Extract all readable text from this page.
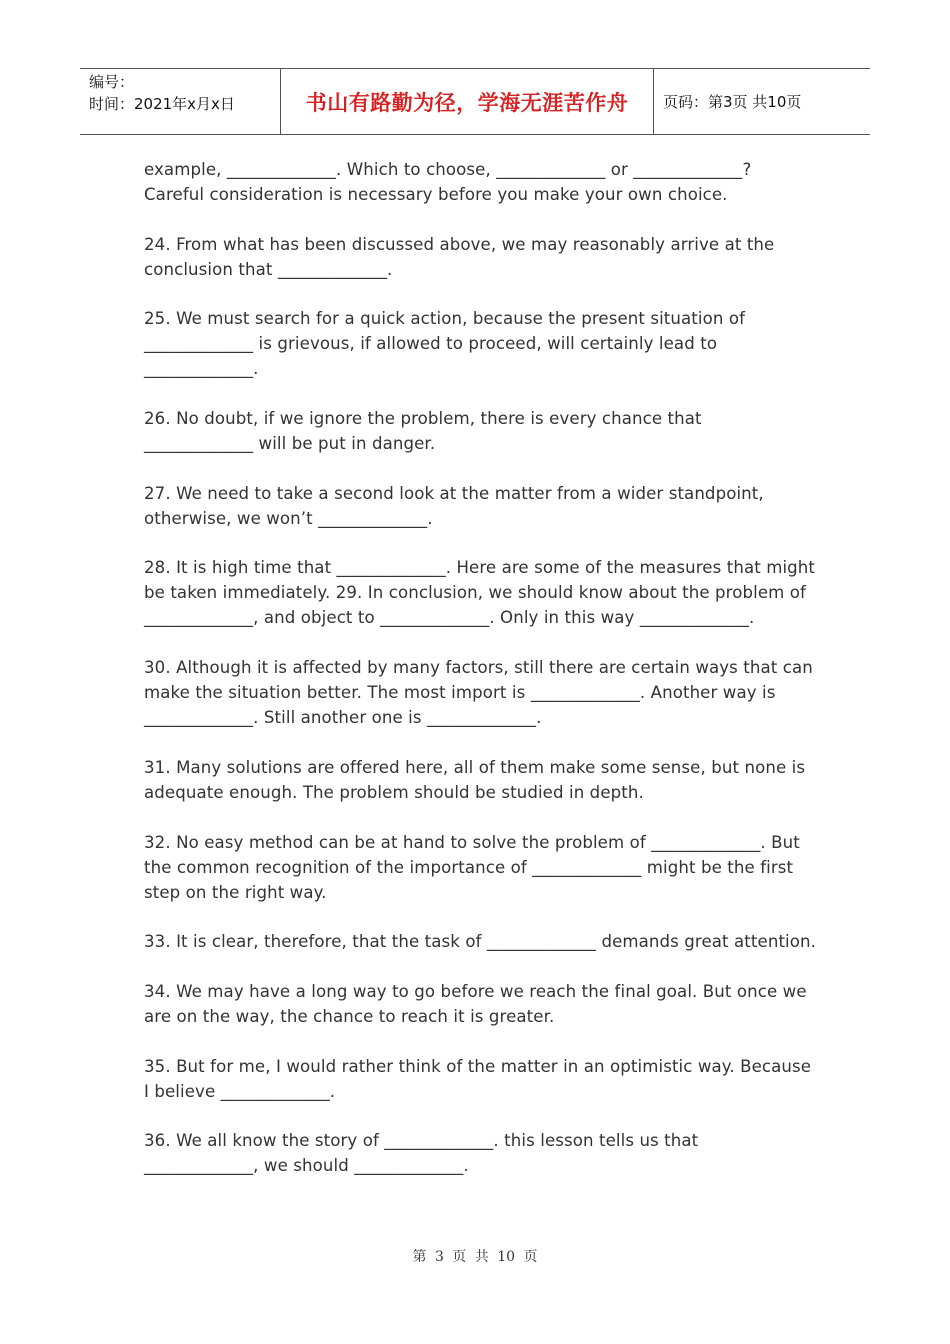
编号：
时间：2021年x月x日	书山有路勤为径，学海无涯苦作舟	页码：第3页 共10页

example, _____________. Which to choose, _____________ or _____________? Careful consideration is necessary before you make your own choice.

24. From what has been discussed above, we may reasonably arrive at the conclusion that _____________.

25. We must search for a quick action, because the present situation of _____________ is grievous, if allowed to proceed, will certainly lead to _____________.

26. No doubt, if we ignore the problem, there is every chance that _____________ will be put in danger.

27. We need to take a second look at the matter from a wider standpoint, otherwise, we won’t _____________.

28. It is high time that _____________. Here are some of the measures that might be taken immediately. 29. In conclusion, we should know about the problem of _____________, and object to _____________. Only in this way _____________.

30. Although it is affected by many factors, still there are certain ways that can make the situation better. The most import is _____________. Another way is _____________. Still another one is _____________.

31. Many solutions are offered here, all of them make some sense, but none is adequate enough. The problem should be studied in depth.

32. No easy method can be at hand to solve the problem of _____________. But the common recognition of the importance of _____________ might be the first step on the right way.

33. It is clear, therefore, that the task of _____________ demands great attention.

34. We may have a long way to go before we reach the final goal. But once we are on the way, the chance to reach it is greater.

35. But for me, I would rather think of the matter in an optimistic way. Because I believe _____________.

36. We all know the story of _____________. this lesson tells us that _____________, we should _____________.

第 3 页 共 10 页
